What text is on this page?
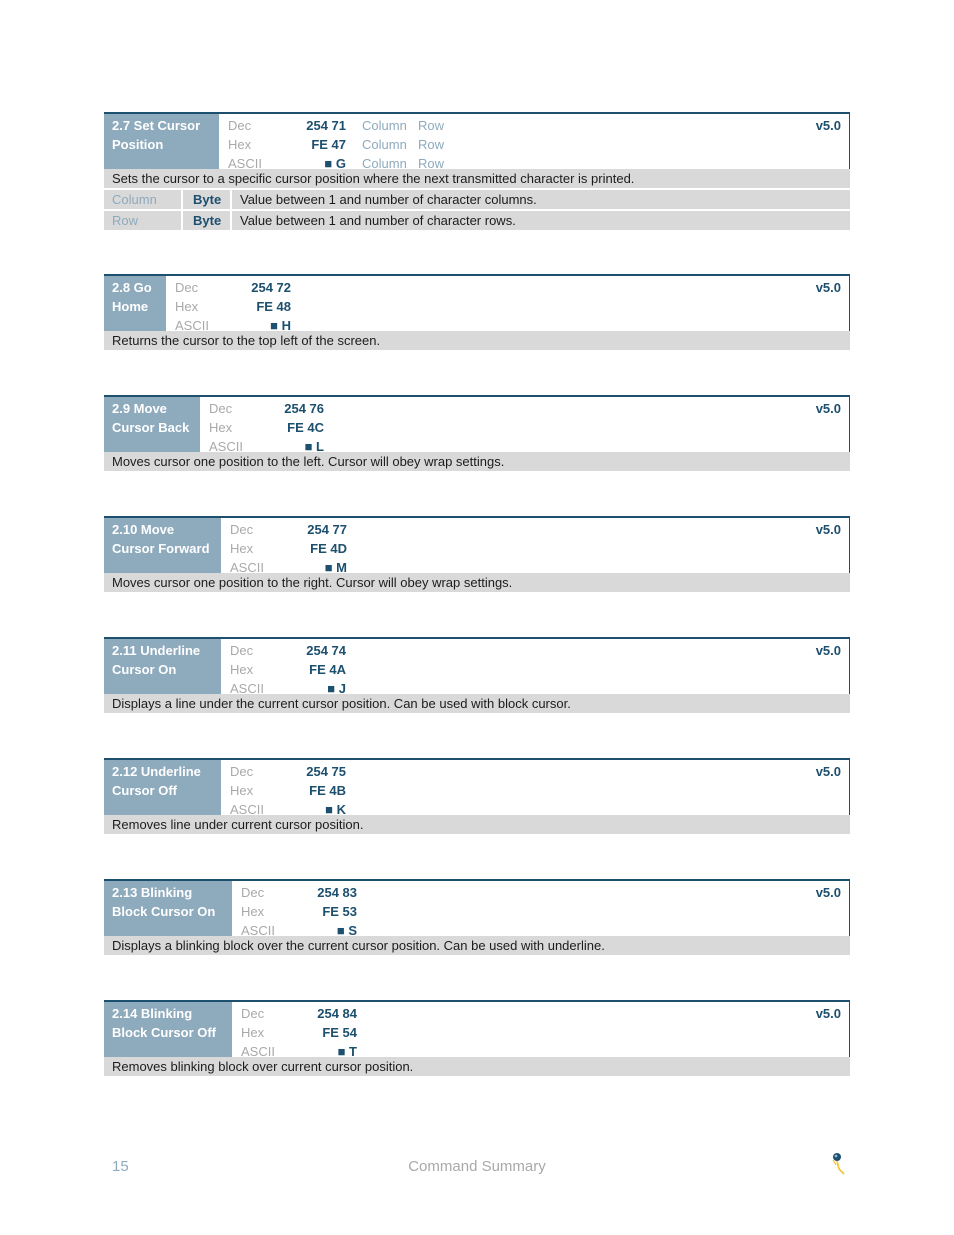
2.7 Set Cursor
Position
Dec	254 71 Column Row
Hex	FE 47 Column Row
ASCII	■ G Column Row
v5.0
Sets the cursor to a specific cursor position where the next transmitted character is printed.
Column	Byte	Value between 1 and number of character columns.
Row	Byte	Value between 1 and number of character rows.
2.8 Go
Home
Dec	254 72
Hex	FE 48
ASCII	■ H
v5.0
Returns the cursor to the top left of the screen.
2.9 Move
Cursor Back
Dec	254 76
Hex	FE 4C
ASCII	■ L
v5.0
Moves cursor one position to the left. Cursor will obey wrap settings.
2.10 Move
Cursor Forward
Dec	254 77
Hex	FE 4D
ASCII	■ M
v5.0
Moves cursor one position to the right. Cursor will obey wrap settings.
2.11 Underline
Cursor On
Dec	254 74
Hex	FE 4A
ASCII	■ J
v5.0
Displays a line under the current cursor position. Can be used with block cursor.
2.12 Underline
Cursor Off
Dec	254 75
Hex	FE 4B
ASCII	■ K
v5.0
Removes line under current cursor position.
2.13 Blinking
Block Cursor On
Dec	254 83
Hex	FE 53
ASCII	■ S
v5.0
Displays a blinking block over the current cursor position. Can be used with underline.
2.14 Blinking
Block Cursor Off
Dec	254 84
Hex	FE 54
ASCII	■ T
v5.0
Removes blinking block over current cursor position.
Command Summary
15
